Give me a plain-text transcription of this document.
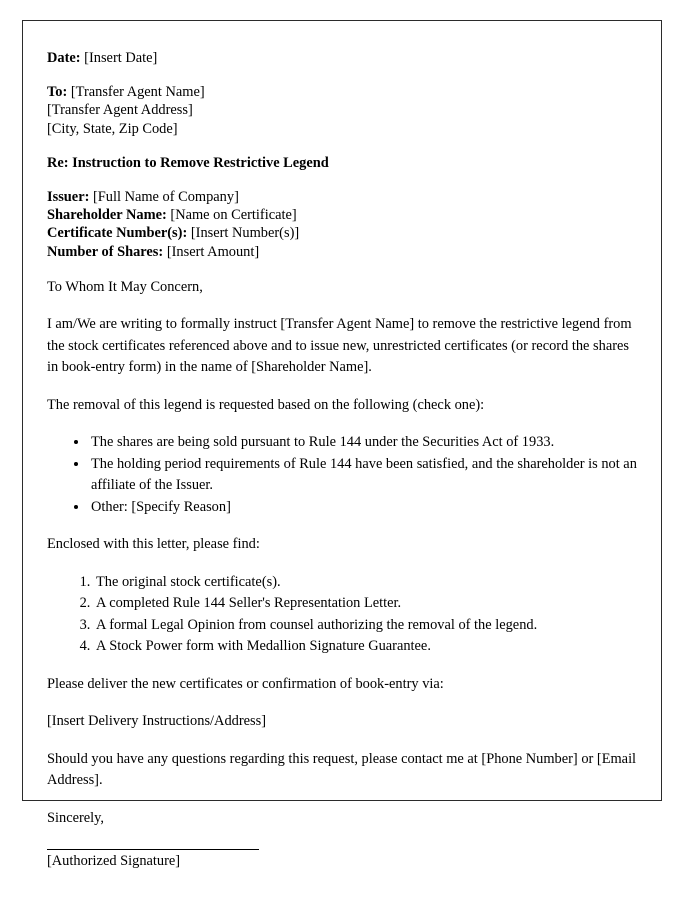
Date: [Insert Date]
To: [Transfer Agent Name]
[Transfer Agent Address]
[City, State, Zip Code]
Re: Instruction to Remove Restrictive Legend
Issuer: [Full Name of Company]
Shareholder Name: [Name on Certificate]
Certificate Number(s): [Insert Number(s)]
Number of Shares: [Insert Amount]

To Whom It May Concern,

I am/We are writing to formally instruct [Transfer Agent Name] to remove the restrictive legend from the stock certificates referenced above and to issue new, unrestricted certificates (or record the shares in book-entry form) in the name of [Shareholder Name].

The removal of this legend is requested based on the following (check one):

• The shares are being sold pursuant to Rule 144 under the Securities Act of 1933.
• The holding period requirements of Rule 144 have been satisfied, and the shareholder is not an affiliate of the Issuer.
• Other: [Specify Reason]

Enclosed with this letter, please find:

1. The original stock certificate(s).
2. A completed Rule 144 Seller's Representation Letter.
3. A formal Legal Opinion from counsel authorizing the removal of the legend.
4. A Stock Power form with Medallion Signature Guarantee.

Please deliver the new certificates or confirmation of book-entry via:

[Insert Delivery Instructions/Address]

Should you have any questions regarding this request, please contact me at [Phone Number] or [Email Address].

Sincerely,

[Authorized Signature]
